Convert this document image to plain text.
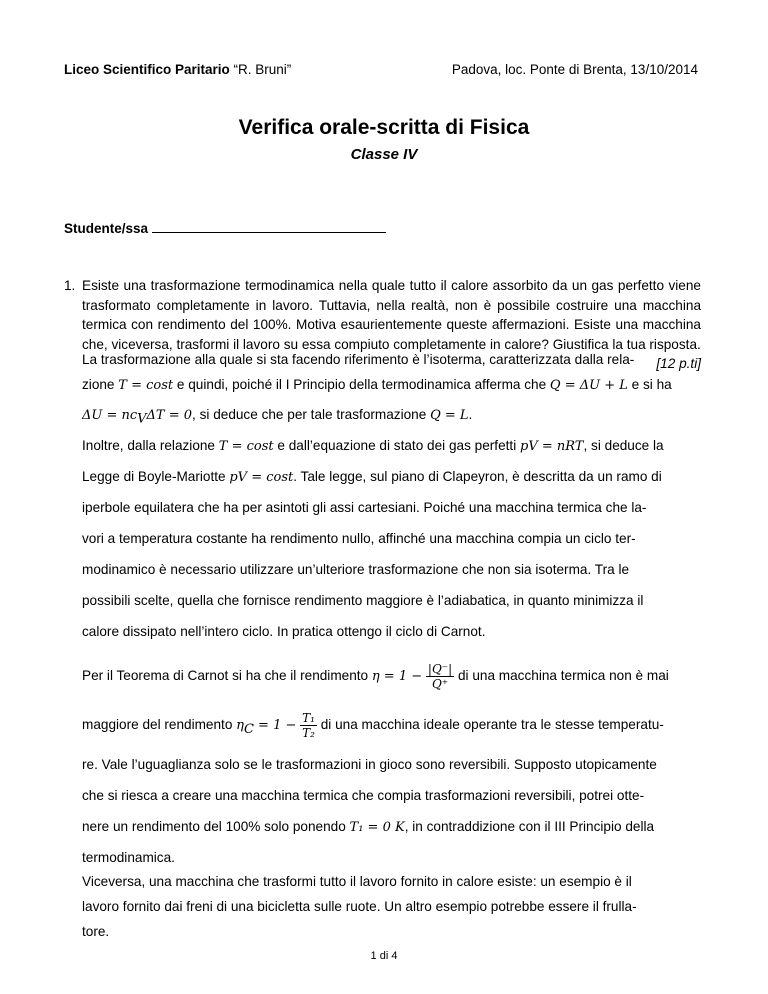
Liceo Scientifico Paritario “R. Bruni”	Padova, loc. Ponte di Brenta, 13/10/2014
Verifica orale-scritta di Fisica
Classe IV
Studente/ssa
1. Esiste una trasformazione termodinamica nella quale tutto il calore assorbito da un gas perfetto viene trasformato completamente in lavoro. Tuttavia, nella realtà, non è possibile costruire una macchina termica con rendimento del 100%. Motiva esaurientemente queste affermazioni. Esiste una macchina che, viceversa, trasformi il lavoro su essa compiuto completamente in calore? Giustifica la tua risposta.
[12 p.ti]
La trasformazione alla quale si sta facendo riferimento è l’isoterma, caratterizzata dalla rela-
zione T = cost e quindi, poiché il I Principio della termodinamica afferma che Q = ΔU + L e si ha
$\Delta U = nc_V\Delta T = 0$, si deduce che per tale trasformazione Q = L.
Inoltre, dalla relazione T = cost e dall’equazione di stato dei gas perfetti pV = nRT, si deduce la
Legge di Boyle-Mariotte pV = cost. Tale legge, sul piano di Clapeyron, è descritta da un ramo di
iperbole equilatera che ha per asintoti gli assi cartesiani. Poiché una macchina termica che la-
vori a temperatura costante ha rendimento nullo, affinché una macchina compia un ciclo ter-
modinamico è necessario utilizzare un’ulteriore trasformazione che non sia isoterma. Tra le
possibili scelte, quella che fornisce rendimento maggiore è l’adiabatica, in quanto minimizza il
calore dissipato nell’intero ciclo. In pratica ottengo il ciclo di Carnot.
Per il Teorema di Carnot si ha che il rendimento $\eta = 1 - \frac{|Q^-|}{Q^+}$ di una macchina termica non è mai
maggiore del rendimento $\eta_C = 1 - \frac{\text{T₁}}{\text{T₂}}$ di una macchina ideale operante tra le stesse temperatu-
re. Vale l’uguaglianza solo se le trasformazioni in gioco sono reversibili. Supposto utopicamente
che si riesca a creare una macchina termica che compia trasformazioni reversibili, potrei otte-
nere un rendimento del 100% solo ponendo T₁ = 0 K, in contraddizione con il III Principio della
termodinamica.
Viceversa, una macchina che trasformi tutto il lavoro fornito in calore esiste: un esempio è il
lavoro fornito dai freni di una bicicletta sulle ruote. Un altro esempio potrebbe essere il frulla-
tore.
1 di 4
